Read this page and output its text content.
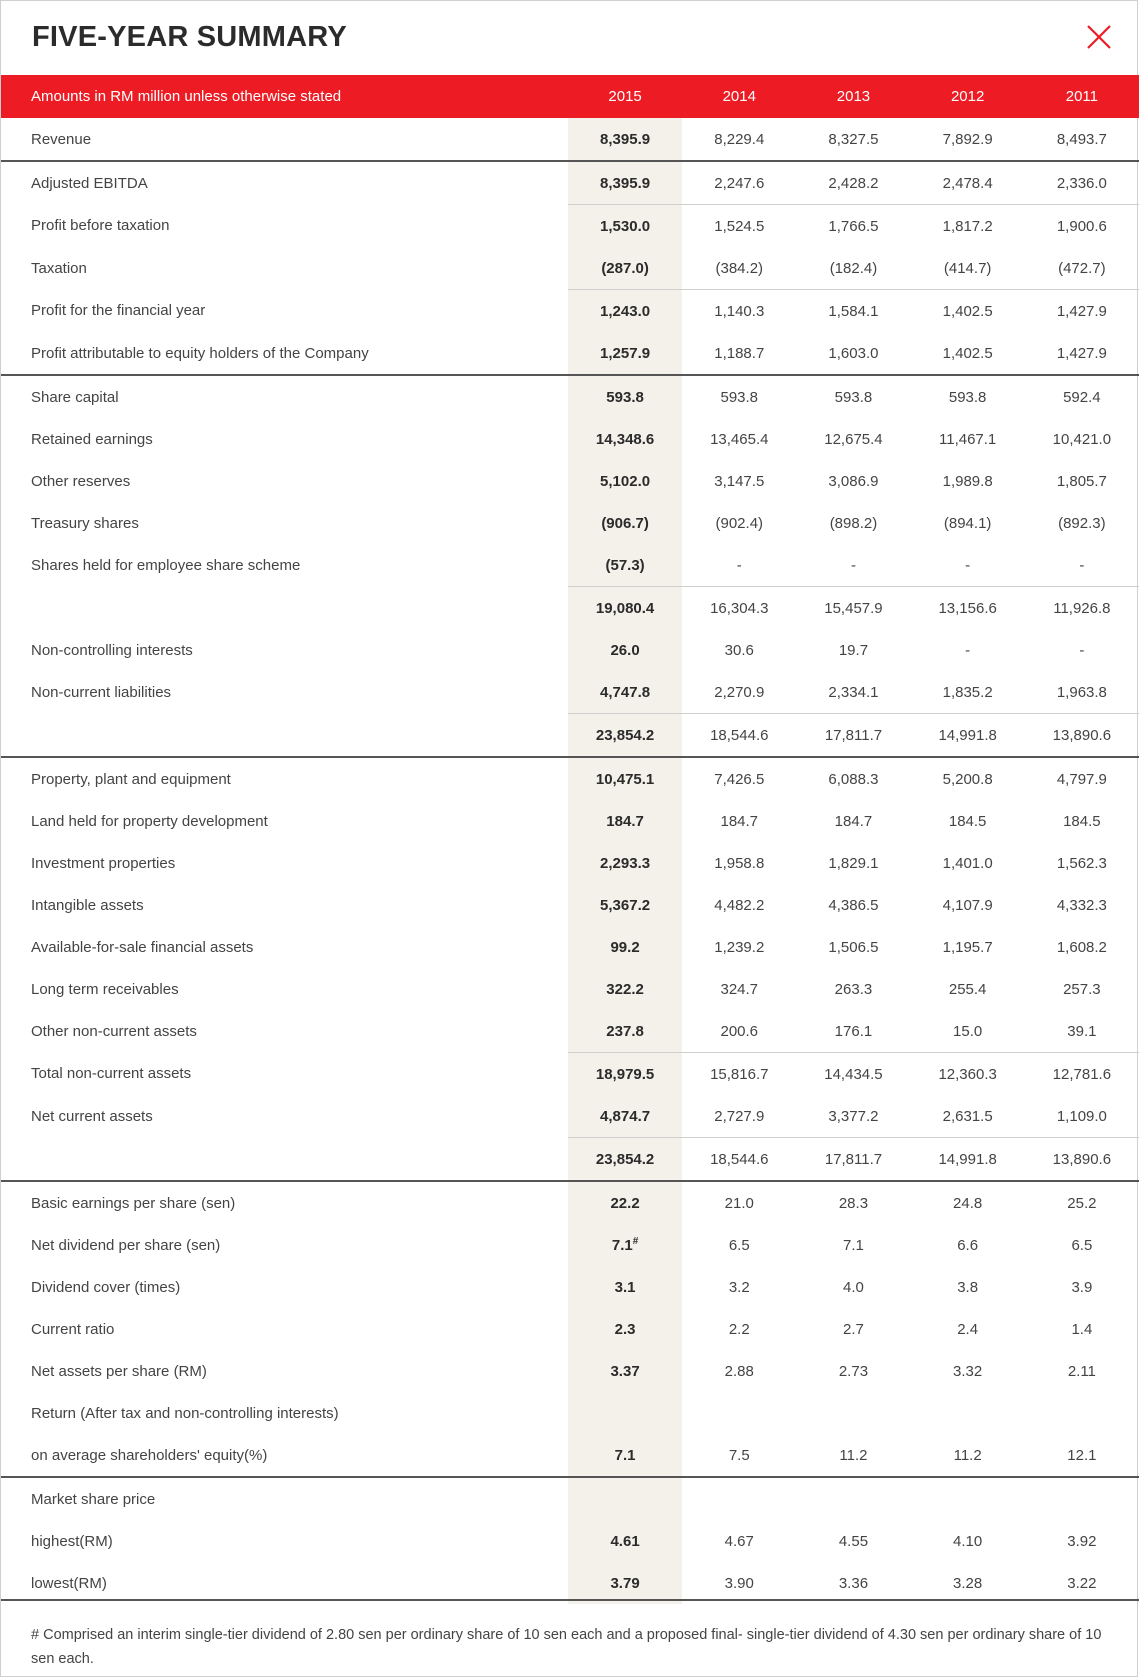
FIVE-YEAR SUMMARY
Amounts in RM million unless otherwise stated	2015	2014	2013	2012	2011
Revenue	8,395.9	8,229.4	8,327.5	7,892.9	8,493.7
Adjusted EBITDA	8,395.9	2,247.6	2,428.2	2,478.4	2,336.0
Profit before taxation	1,530.0	1,524.5	1,766.5	1,817.2	1,900.6
Taxation	(287.0)	(384.2)	(182.4)	(414.7)	(472.7)
Profit for the financial year	1,243.0	1,140.3	1,584.1	1,402.5	1,427.9
Profit attributable to equity holders of the Company	1,257.9	1,188.7	1,603.0	1,402.5	1,427.9
Share capital	593.8	593.8	593.8	593.8	592.4
Retained earnings	14,348.6	13,465.4	12,675.4	11,467.1	10,421.0
Other reserves	5,102.0	3,147.5	3,086.9	1,989.8	1,805.7
Treasury shares	(906.7)	(902.4)	(898.2)	(894.1)	(892.3)
Shares held for employee share scheme	(57.3)	-	-	-	-
	19,080.4	16,304.3	15,457.9	13,156.6	11,926.8
Non-controlling interests	26.0	30.6	19.7	-	-
Non-current liabilities	4,747.8	2,270.9	2,334.1	1,835.2	1,963.8
	23,854.2	18,544.6	17,811.7	14,991.8	13,890.6
Property, plant and equipment	10,475.1	7,426.5	6,088.3	5,200.8	4,797.9
Land held for property development	184.7	184.7	184.7	184.5	184.5
Investment properties	2,293.3	1,958.8	1,829.1	1,401.0	1,562.3
Intangible assets	5,367.2	4,482.2	4,386.5	4,107.9	4,332.3
Available-for-sale financial assets	99.2	1,239.2	1,506.5	1,195.7	1,608.2
Long term receivables	322.2	324.7	263.3	255.4	257.3
Other non-current assets	237.8	200.6	176.1	15.0	39.1
Total non-current assets	18,979.5	15,816.7	14,434.5	12,360.3	12,781.6
Net current assets	4,874.7	2,727.9	3,377.2	2,631.5	1,109.0
	23,854.2	18,544.6	17,811.7	14,991.8	13,890.6
Basic earnings per share (sen)	22.2	21.0	28.3	24.8	25.2
Net dividend per share (sen)	7.1#	6.5	7.1	6.6	6.5
Dividend cover (times)	3.1	3.2	4.0	3.8	3.9
Current ratio	2.3	2.2	2.7	2.4	1.4
Net assets per share (RM)	3.37	2.88	2.73	3.32	2.11
Return (After tax and non-controlling interests)					
on average shareholders' equity(%)	7.1	7.5	11.2	11.2	12.1
Market share price					
highest(RM)	4.61	4.67	4.55	4.10	3.92
lowest(RM)	3.79	3.90	3.36	3.28	3.22
# Comprised an interim single-tier dividend of 2.80 sen per ordinary share of 10 sen each and a proposed final- single-tier dividend of 4.30 sen per ordinary share of 10 sen each.
